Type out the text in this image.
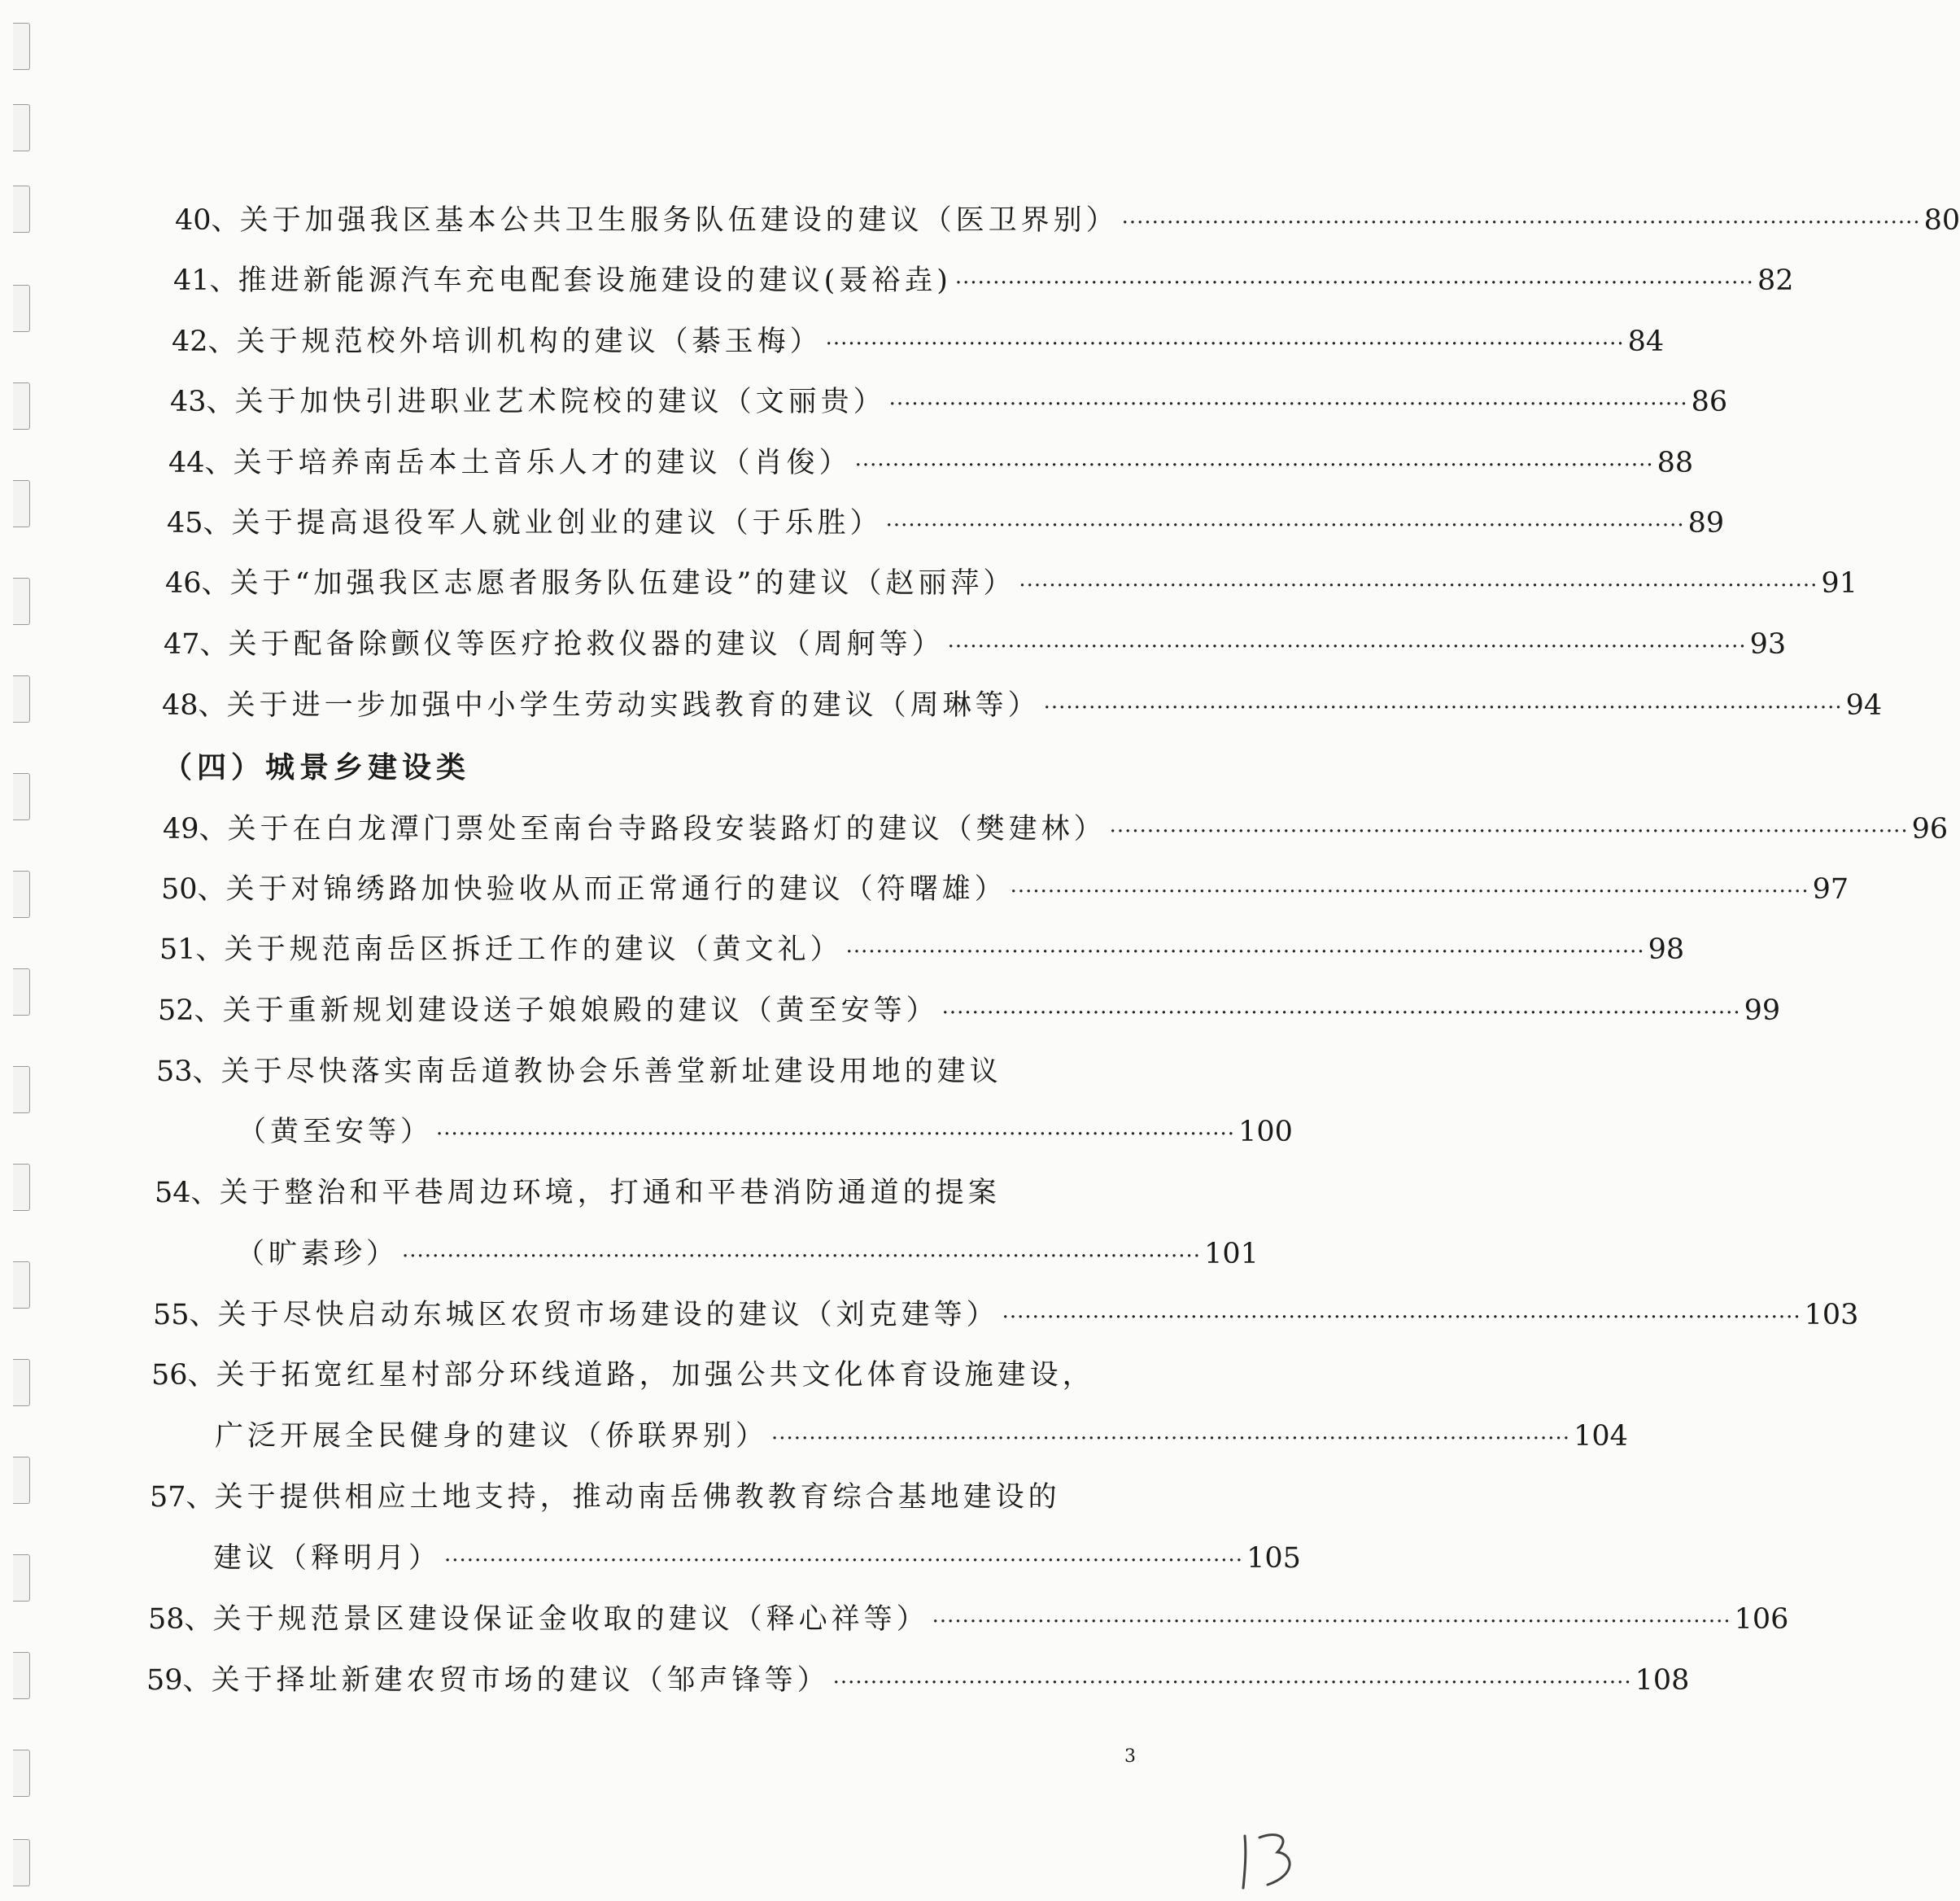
40 、 关于加强我区基本公共卫生服务队伍建设的建议（医卫界别） ·········································································································· 80
41 、 推进新能源汽车充电配套设施建设的建议(聂裕垚) ·········································································································· 82
42 、 关于规范校外培训机构的建议（綦玉梅） ·········································································································· 84
43 、 关于加快引进职业艺术院校的建议（文丽贵） ·········································································································· 86
44 、 关于培养南岳本土音乐人才的建议（肖俊） ·········································································································· 88
45 、 关于提高退役军人就业创业的建议（于乐胜） ·········································································································· 89
46 、 关于“加强我区志愿者服务队伍建设”的建议（赵丽萍） ·········································································································· 91
47 、 关于配备除颤仪等医疗抢救仪器的建议（周舸等） ·········································································································· 93
48 、 关于进一步加强中小学生劳动实践教育的建议（周琳等） ·········································································································· 94
（四）城景乡建设类
49 、 关于在白龙潭门票处至南台寺路段安装路灯的建议（樊建林） ·········································································································· 96
50 、 关于对锦绣路加快验收从而正常通行的建议（符曙雄） ·········································································································· 97
51 、 关于规范南岳区拆迁工作的建议（黄文礼） ·········································································································· 98
52 、 关于重新规划建设送子娘娘殿的建议（黄至安等） ·········································································································· 99
53 、 关于尽快落实南岳道教协会乐善堂新址建设用地的建议
（黄至安等） ·········································································································· 100
54 、 关于整治和平巷周边环境，打通和平巷消防通道的提案
（旷素珍） ·········································································································· 101
55 、 关于尽快启动东城区农贸市场建设的建议（刘克建等） ·········································································································· 103
56 、 关于拓宽红星村部分环线道路，加强公共文化体育设施建设，
广泛开展全民健身的建议（侨联界别） ·········································································································· 104
57 、 关于提供相应土地支持，推动南岳佛教教育综合基地建设的
建议（释明月） ·········································································································· 105
58 、 关于规范景区建设保证金收取的建议（释心祥等） ·········································································································· 106
59 、 关于择址新建农贸市场的建议（邹声锋等） ·········································································································· 108
3
